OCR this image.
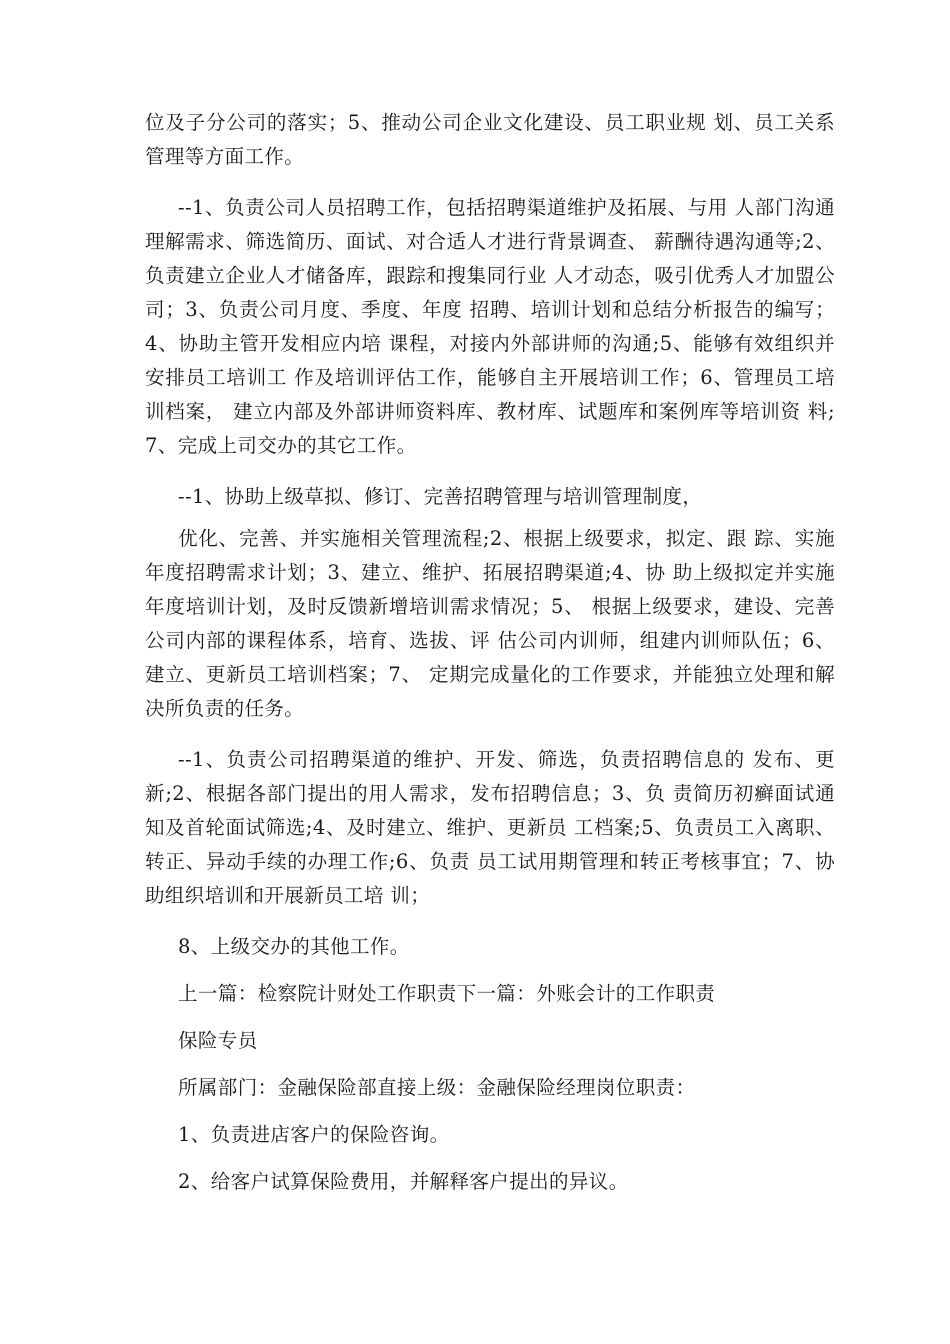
位及子分公司的落实；5、推动公司企业文化建设、员工职业规 划、员工关系管理等方面工作。

--1、负责公司人员招聘工作，包括招聘渠道维护及拓展、与用 人部门沟通理解需求、筛选简历、面试、对合适人才进行背景调查、 薪酬待遇沟通等;2、负责建立企业人才储备库，跟踪和搜集同行业 人才动态，吸引优秀人才加盟公司；3、负责公司月度、季度、年度 招聘、培训计划和总结分析报告的编写；4、协助主管开发相应内培 课程，对接内外部讲师的沟通;5、能够有效组织并安排员工培训工 作及培训评估工作，能够自主开展培训工作；6、管理员工培训档案， 建立内部及外部讲师资料库、教材库、试题库和案例库等培训资 料;7、完成上司交办的其它工作。

--1、协助上级草拟、修订、完善招聘管理与培训管理制度，

优化、完善、并实施相关管理流程;2、根据上级要求，拟定、跟 踪、实施年度招聘需求计划；3、建立、维护、拓展招聘渠道;4、协 助上级拟定并实施年度培训计划，及时反馈新增培训需求情况；5、 根据上级要求，建设、完善公司内部的课程体系，培育、选拔、评 估公司内训师，组建内训师队伍；6、建立、更新员工培训档案；7、 定期完成量化的工作要求，并能独立处理和解决所负责的任务。

--1、负责公司招聘渠道的维护、开发、筛选，负责招聘信息的 发布、更新;2、根据各部门提出的用人需求，发布招聘信息；3、负 责简历初癣面试通知及首轮面试筛选;4、及时建立、维护、更新员 工档案;5、负责员工入离职、转正、异动手续的办理工作;6、负责 员工试用期管理和转正考核事宜；7、协助组织培训和开展新员工培 训；

8、上级交办的其他工作。

上一篇：检察院计财处工作职责下一篇：外账会计的工作职责

保险专员

所属部门：金融保险部直接上级：金融保险经理岗位职责：

1、负责进店客户的保险咨询。

2、给客户试算保险费用，并解释客户提出的异议。
